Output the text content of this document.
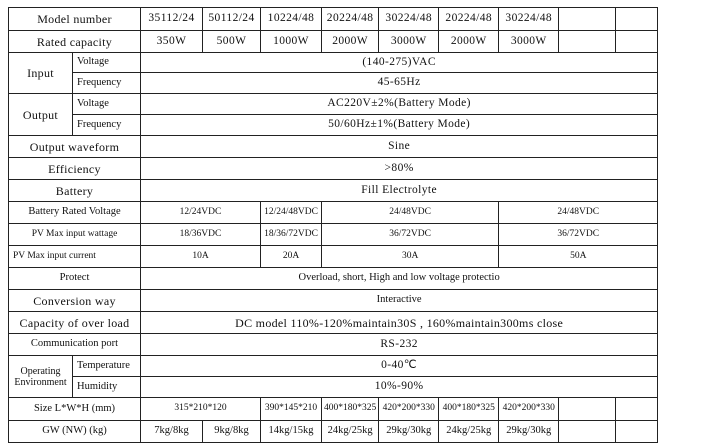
Model number		35112/24	50112/24	10224/48	20224/48	30224/48	20224/48	30224/48		
Rated capacity		350W	500W	1000W	2000W	3000W	2000W	3000W		
Input	Voltage	(140-275)VAC								
	Frequency	45-65Hz								
Output	Voltage	AC220V±2%(Battery Mode)								
	Frequency	50/60Hz±1%(Battery Mode)								
Output waveform		Sine								
Efficiency		>80%								
Battery		Fill Electrolyte								
Battery Rated Voltage		12/24VDC		12/24/48VDC	24/48VDC			24/48VDC		
PV Max input wattage		18/36VDC		18/36/72VDC	36/72VDC			36/72VDC		
PV Max input current		10A		20A	30A			50A		
Protect		Overload, short, High and low voltage protectio								
Conversion way		Interactive								
Capacity of over load		DC model 110%-120%maintain30S , 160%maintain300ms close								
Communication port		RS-232								
Operating Environment	Temperature	0-40℃								
	Humidity	10%-90%								
Size L*W*H (mm)		315*210*120		390*145*210	400*180*325	420*200*330	400*180*325	420*200*330		
GW (NW) (kg)		7kg/8kg	9kg/8kg	14kg/15kg	24kg/25kg	29kg/30kg	24kg/25kg	29kg/30kg		
